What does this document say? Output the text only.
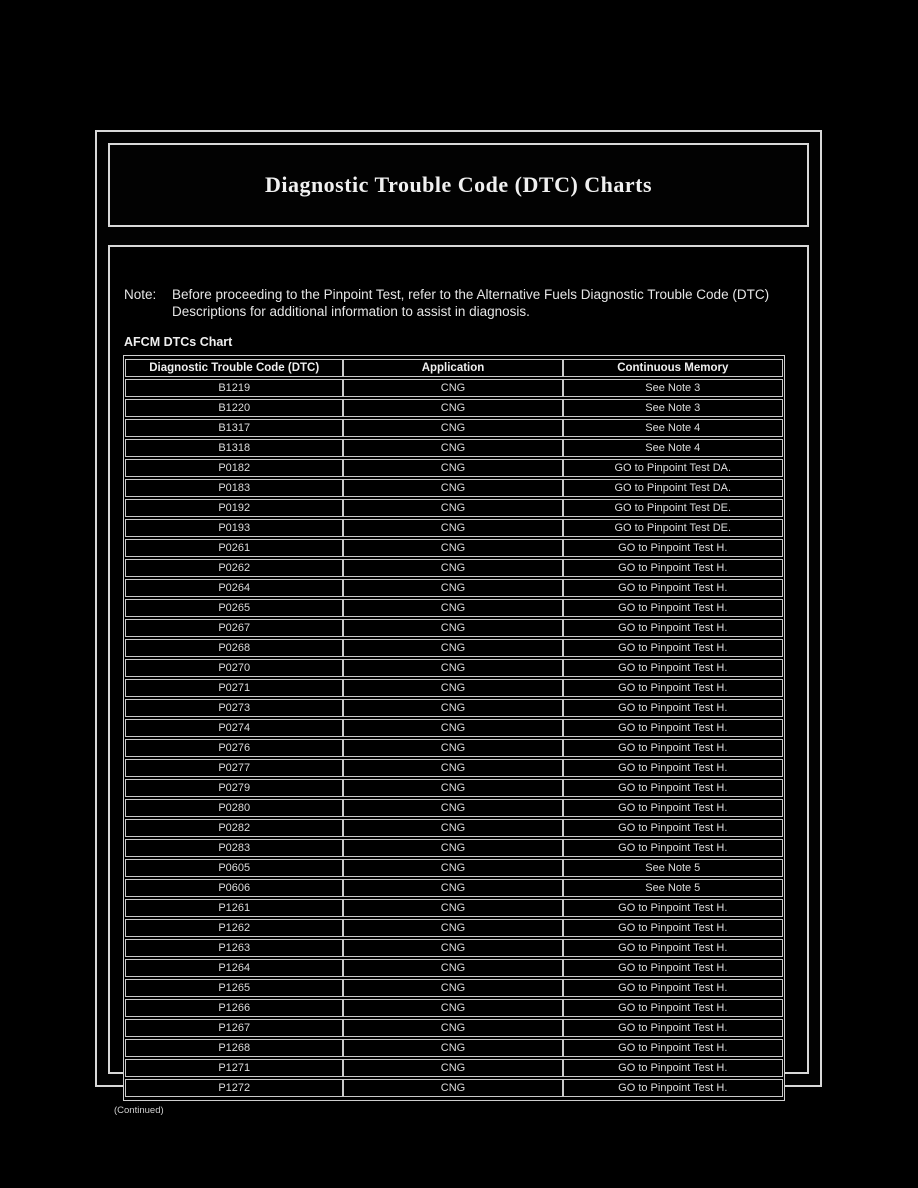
Diagnostic Trouble Code (DTC) Charts
Note:	Before proceeding to the Pinpoint Test, refer to the Alternative Fuels Diagnostic Trouble Code (DTC) Descriptions for additional information to assist in diagnosis.

AFCM DTCs Chart
Diagnostic Trouble Code (DTC)	Application	Continuous Memory
B1219	CNG	See Note 3
B1220	CNG	See Note 3
B1317	CNG	See Note 4
B1318	CNG	See Note 4
P0182	CNG	GO to Pinpoint Test DA.
P0183	CNG	GO to Pinpoint Test DA.
P0192	CNG	GO to Pinpoint Test DE.
P0193	CNG	GO to Pinpoint Test DE.
P0261	CNG	GO to Pinpoint Test H.
P0262	CNG	GO to Pinpoint Test H.
P0264	CNG	GO to Pinpoint Test H.
P0265	CNG	GO to Pinpoint Test H.
P0267	CNG	GO to Pinpoint Test H.
P0268	CNG	GO to Pinpoint Test H.
P0270	CNG	GO to Pinpoint Test H.
P0271	CNG	GO to Pinpoint Test H.
P0273	CNG	GO to Pinpoint Test H.
P0274	CNG	GO to Pinpoint Test H.
P0276	CNG	GO to Pinpoint Test H.
P0277	CNG	GO to Pinpoint Test H.
P0279	CNG	GO to Pinpoint Test H.
P0280	CNG	GO to Pinpoint Test H.
P0282	CNG	GO to Pinpoint Test H.
P0283	CNG	GO to Pinpoint Test H.
P0605	CNG	See Note 5
P0606	CNG	See Note 5
P1261	CNG	GO to Pinpoint Test H.
P1262	CNG	GO to Pinpoint Test H.
P1263	CNG	GO to Pinpoint Test H.
P1264	CNG	GO to Pinpoint Test H.
P1265	CNG	GO to Pinpoint Test H.
P1266	CNG	GO to Pinpoint Test H.
P1267	CNG	GO to Pinpoint Test H.
P1268	CNG	GO to Pinpoint Test H.
P1271	CNG	GO to Pinpoint Test H.
P1272	CNG	GO to Pinpoint Test H.
(Continued)
